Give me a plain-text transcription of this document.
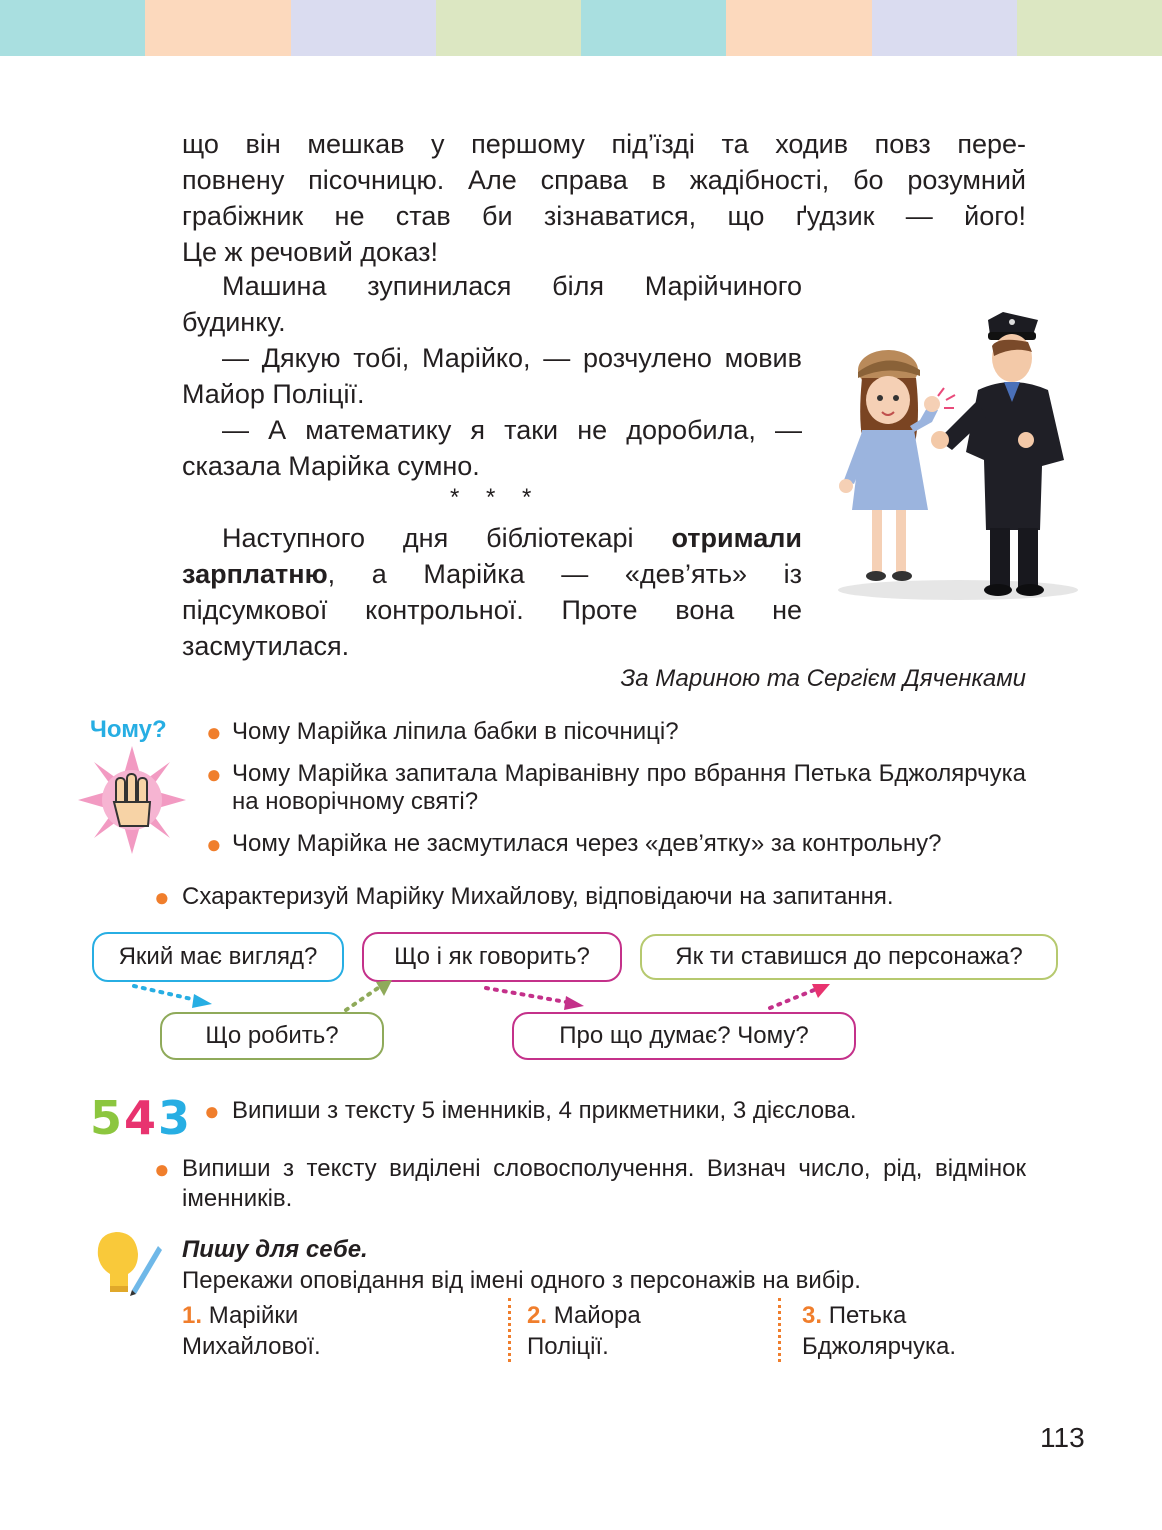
що він мешкав у першому під’їзді та ходив повз пере-
повнену пісочницю. Але справа в жадібності, бо розумний
грабіжник не став би зізнаватися, що ґудзик — його!
Це ж речовий доказ!

Машина зупинилася біля Марійчиного будинку.

— Дякую тобі, Марійко, — розчулено мовив Майор Поліції.

— А математику я таки не доробила, — сказала Марійка сумно.

* * *

Наступного дня бібліотекарі отримали зарплатню, а Марійка — «дев’ять» із підсумкової контрольної. Проте вона не засмутилася.

За Мариною та Сергієм Дяченками
Чому? ● Чому Марійка ліпила бабки в пісочниці?
● Чому Марійка запитала Маріванівну про вбрання Петька Бджолярчука на новорічному святі?
● Чому Марійка не засмутилася через «дев’ятку» за контрольну?
● Схарактеризуй Марійку Михайлову, відповідаючи на запитання.
Який має вигляд?	Що і як говорить?	Як ти ставишся до персонажа?
Що робить?	Про що думає? Чому?
5 4 3 ● Випиши з тексту 5 іменників, 4 прикметники, 3 дієслова.
● Випиши з тексту виділені словосполучення. Визнач число, рід, відмінок іменників.
Пишу для себе.
Перекажи оповідання від імені одного з персонажів на вибір.
1. Марійки
Михайлової.
2. Майора
Поліції.
3. Петька
Бджолярчука.
113
